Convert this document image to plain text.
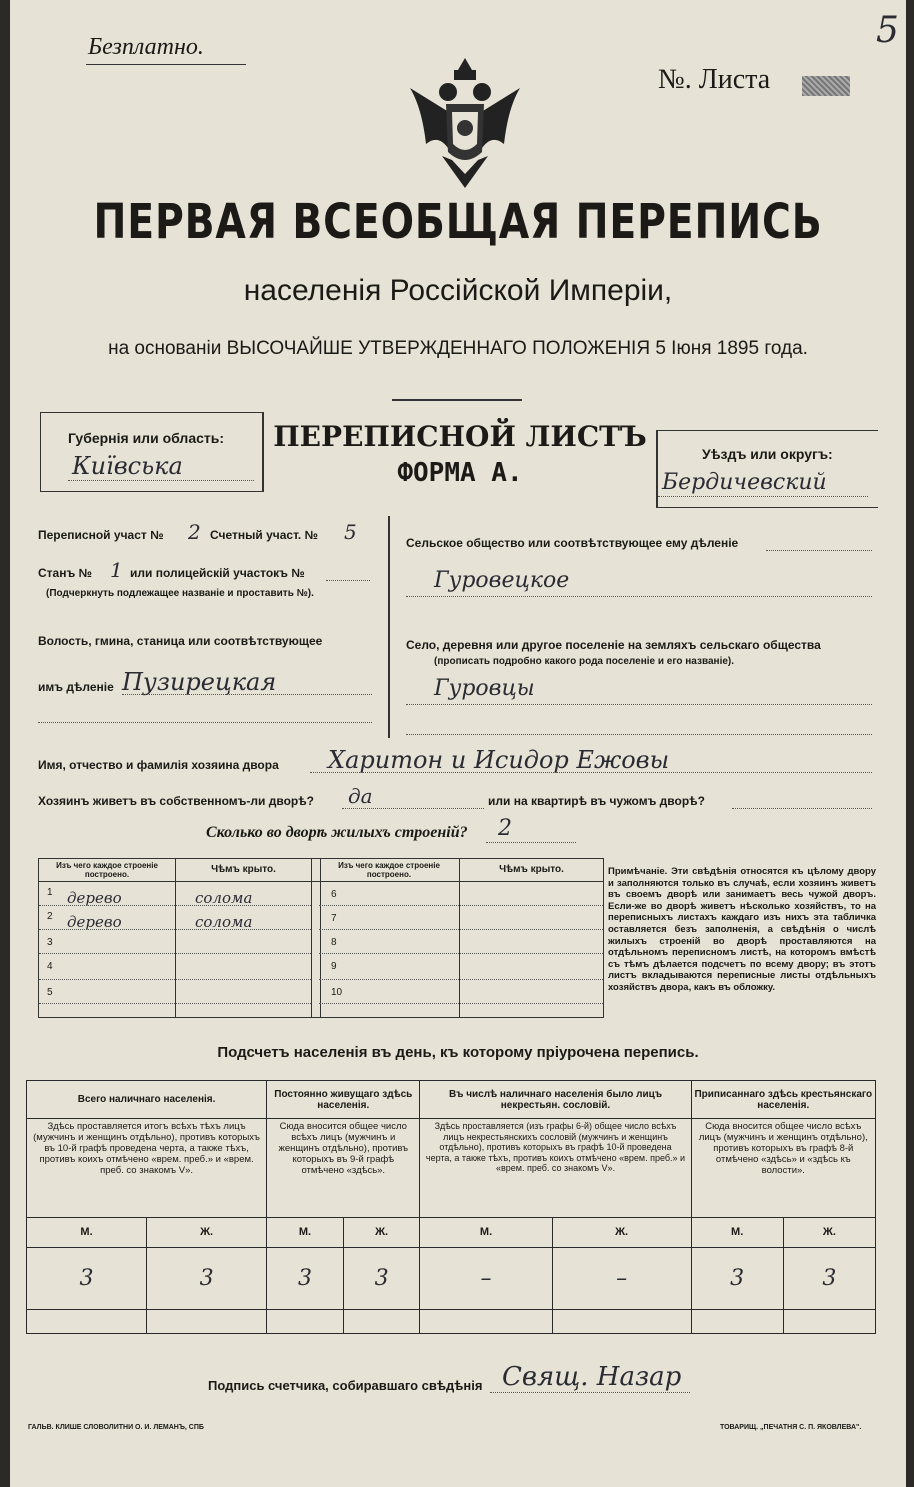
Безплатно.
№. Листа
5
ПЕРВАЯ ВСЕОБЩАЯ ПЕРЕПИСЬ
населенія Россійской Имперіи,
на основаніи ВЫСОЧАЙШЕ УТВЕРЖДЕННАГО ПОЛОЖЕНІЯ 5 Іюня 1895 года.
Губернія или область:
Київська
ПЕРЕПИСНОЙ ЛИСТЪ
ФОРМА А.
Уѣздъ или округъ:
Бердичевский
Переписной участ № 2 Счетный участ. № 5
Станъ № 1 или полицейскій участокъ №
(Подчеркнуть подлежащее названіе и проставить №).
Волость, гмина, станица или соотвѣтствующее
имъ дѣленіе Пузирецкая
Сельское общество или соотвѣтствующее ему дѣленіе
Гуровецкое
Село, деревня или другое поселеніе на земляхъ сельскаго общества
(прописать подробно какого рода поселеніе и его названіе).
Гуровцы
Имя, отчество и фамилія хозяина двора Харитон и Исидор Ежовы
Хозяинъ живетъ въ собственномъ-ли дворѣ? да	или на квартирѣ въ чужомъ дворѣ?
Сколько во дворѣ жилыхъ строеній? 2
Изъ чего каждое строеніе построено.	Чѣмъ крыто.	Изъ чего каждое строеніе построено.	Чѣмъ крыто.
1 дерево	солома
2 дерево	солома
3
4
5
6
7
8
9
10
Примѣчаніе. Эти свѣдѣнія относятся къ цѣлому двору и заполняются только въ случаѣ, если хозяинъ живетъ въ своемъ дворѣ или занимаетъ весь чужой дворъ. Если-же во дворѣ живетъ нѣсколько хозяйствъ, то на переписныхъ листахъ каждаго изъ нихъ эта табличка оставляется безъ заполненія, а свѣдѣнія о числѣ жилыхъ строеній во дворѣ проставляются на отдѣльномъ переписномъ листѣ, на которомъ вмѣстѣ съ тѣмъ дѣлается подсчетъ по всему двору; въ этотъ листъ вкладываются переписные листы отдѣльныхъ хозяйствъ двора, какъ въ обложку.
Подсчетъ населенія въ день, къ которому пріурочена перепись.
Всего наличнаго населенія.		Постоянно живущаго здѣсь населенія.		Въ числѣ наличнаго населенія было лицъ некрестьян. сословій.		Приписаннаго здѣсь крестьянскаго населенія.	
Здѣсь проставляется итогъ всѣхъ тѣхъ лицъ (мужчинъ и женщинъ отдѣльно), противъ которыхъ въ 10-й графѣ проведена черта, а также тѣхъ, противъ коихъ отмѣчено «врем. преб.» и «врем. преб. со знакомъ V».		Сюда вносится общее число всѣхъ лицъ (мужчинъ и женщинъ отдѣльно), противъ которыхъ въ 9-й графѣ отмѣчено «здѣсь».		Здѣсь проставляется (изъ графы 6-й) общее число всѣхъ лицъ некрестьянскихъ сословій (мужчинъ и женщинъ отдѣльно), противъ которыхъ въ графѣ 10-й проведена черта, а также тѣхъ, противъ коихъ отмѣчено «врем. преб.» и «врем. преб. со знакомъ V».		Сюда вносится общее число всѣхъ лицъ (мужчинъ и женщинъ отдѣльно), противъ которыхъ въ графѣ 8-й отмѣчено «здѣсь» и «здѣсь къ волости».	
М.	Ж.	М.	Ж.	М.	Ж.	М.	Ж.
3	3	3	3	–	–	3	3

Подпись счетчика, собиравшаго свѣдѣнія Свящ. Назар
ГАЛЬВ. КЛИШЕ СЛОВОЛИТНИ О. И. ЛЕМАНЪ, СПБ	ТОВАРИЩ. „ПЕЧАТНЯ С. П. ЯКОВЛЕВА".
